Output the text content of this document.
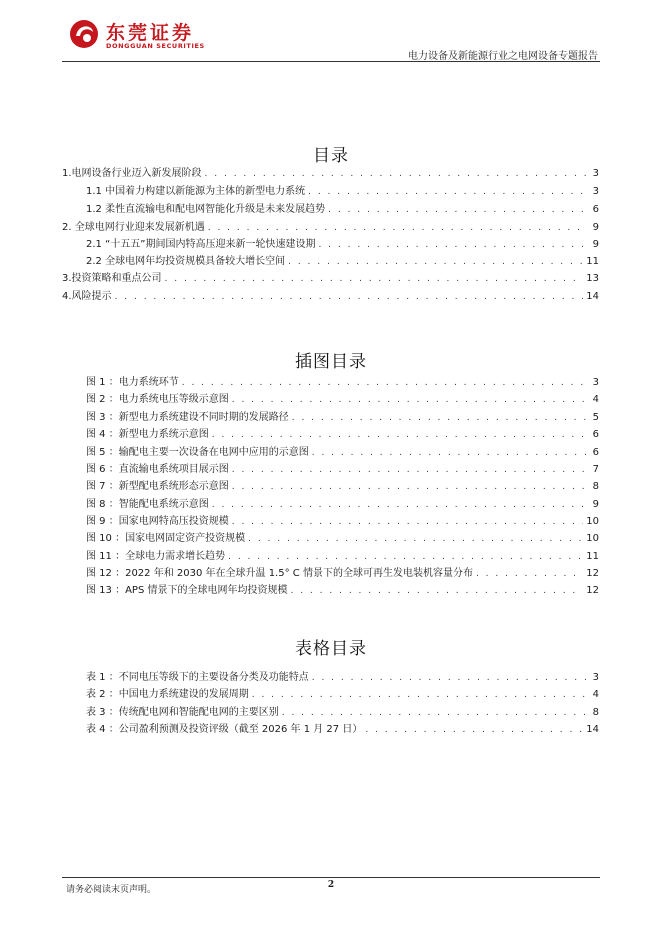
东莞证券
DONGGUAN SECURITIES
电力设备及新能源行业之电网设备专题报告
目录
1.电网设备行业迈入新发展阶段 . . .	3
1.1 中国着力构建以新能源为主体的新型电力系统 . . .	3
1.2 柔性直流输电和配电网智能化升级是未来发展趋势 . . .	6
2. 全球电网行业迎来发展新机遇 . . .	9
2.1 “十五五”期间国内特高压迎来新一轮快速建设期 . . .	9
2.2 全球电网年均投资规模具备较大增长空间 . . .	11
3.投资策略和重点公司 . . .	13
4.风险提示 . . .	14
插图目录
图 1 ：电力系统环节 . . .	3
图 2 ：电力系统电压等级示意图 . . .	4
图 3 ：新型电力系统建设不同时期的发展路径 . . .	5
图 4 ：新型电力系统示意图 . . .	6
图 5 ：输配电主要一次设备在电网中应用的示意图 . . .	6
图 6 ：直流输电系统项目展示图 . . .	7
图 7 ：新型配电系统形态示意图 . . .	8
图 8 ：智能配电系统示意图 . . .	9
图 9 ：国家电网特高压投资规模 . . .	10
图 10 ：国家电网固定资产投资规模 . . .	10
图 11 ：全球电力需求增长趋势 . . .	11
图 12 ：2022 年和 2030 年在全球升温 1.5° C 情景下的全球可再生发电装机容量分布 . . .	12
图 13 ：APS 情景下的全球电网年均投资规模 . . .	12
表格目录
表 1 ：不同电压等级下的主要设备分类及功能特点 . . .	3
表 2 ：中国电力系统建设的发展周期 . . .	4
表 3 ：传统配电网和智能配电网的主要区别 . . .	8
表 4 ：公司盈利预测及投资评级（截至 2026 年 1 月 27 日） . . .	14
请务必阅读末页声明。	2
